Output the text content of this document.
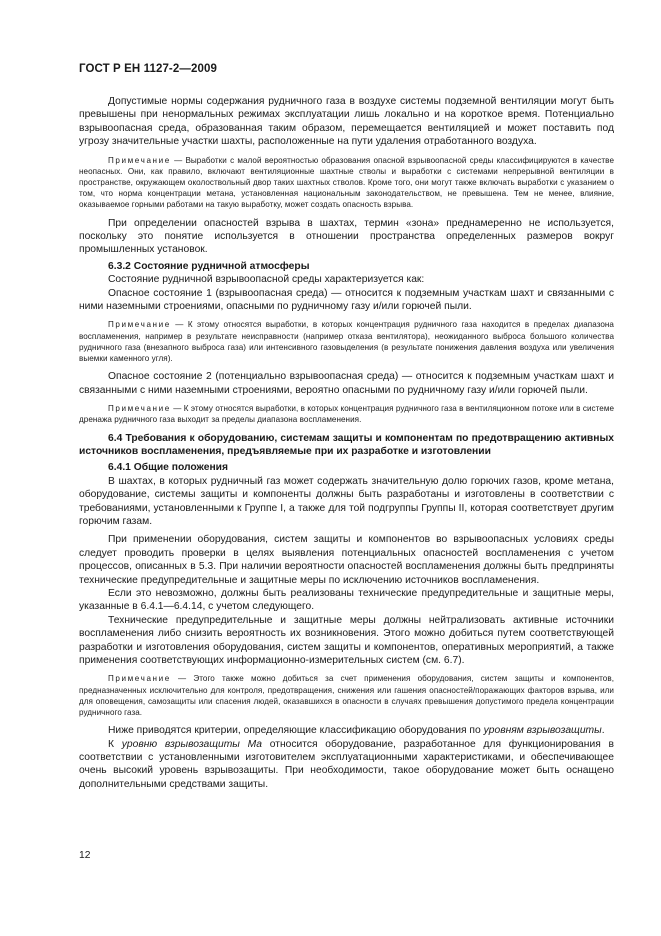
ГОСТ Р ЕН 1127-2—2009

Допустимые нормы содержания рудничного газа в воздухе системы подземной вентиляции могут быть превышены при ненормальных режимах эксплуатации лишь локально и на короткое время. Потенциально взрывоопасная среда, образованная таким образом, перемещается вентиляцией и может поставить под угрозу значительные участки шахты, расположенные на пути удаления отработанного воздуха.

Примечание — Выработки с малой вероятностью образования опасной взрывоопасной среды классифицируются в качестве неопасных. Они, как правило, включают вентиляционные шахтные стволы и выработки с системами непрерывной вентиляции в пространстве, окружающем околоствольный двор таких шахтных стволов. Кроме того, они могут также включать выработки с указанием о том, что норма концентрации метана, установленная национальным законодательством, не превышена. Тем не менее, влияние, оказываемое горными работами на такую выработку, может создать опасность взрыва.

При определении опасностей взрыва в шахтах, термин «зона» преднамеренно не используется, поскольку это понятие используется в отношении пространства определенных размеров вокруг промышленных установок.

6.3.2 Состояние рудничной атмосферы

Состояние рудничной взрывоопасной среды характеризуется как:

Опасное состояние 1 (взрывоопасная среда) — относится к подземным участкам шахт и связанными с ними наземными строениями, опасными по рудничному газу и/или горючей пыли.

Примечание — К этому относятся выработки, в которых концентрация рудничного газа находится в пределах диапазона воспламенения, например в результате неисправности (например отказа вентилятора), неожиданного выброса большого количества рудничного газа (внезапного выброса газа) или интенсивного газовыделения (в результате понижения давления воздуха или увеличения выемки каменного угля).

Опасное состояние 2 (потенциально взрывоопасная среда) — относится к подземным участкам шахт и связанными с ними наземными строениями, вероятно опасными по рудничному газу и/или горючей пыли.

Примечание — К этому относятся выработки, в которых концентрация рудничного газа в вентиляционном потоке или в системе дренажа рудничного газа выходит за пределы диапазона воспламенения.

6.4 Требования к оборудованию, системам защиты и компонентам по предотвращению активных источников воспламенения, предъявляемые при их разработке и изготовлении

6.4.1 Общие положения

В шахтах, в которых рудничный газ может содержать значительную долю горючих газов, кроме метана, оборудование, системы защиты и компоненты должны быть разработаны и изготовлены в соответствии с требованиями, установленными к Группе I, а также для той подгруппы Группы II, которая соответствует другим горючим газам.

При применении оборудования, систем защиты и компонентов во взрывоопасных условиях среды следует проводить проверки в целях выявления потенциальных опасностей воспламенения с учетом процессов, описанных в 5.3. При наличии вероятности опасностей воспламенения должны быть предприняты технические предупредительные и защитные меры по исключению источников воспламенения.

Если это невозможно, должны быть реализованы технические предупредительные и защитные меры, указанные в 6.4.1—6.4.14, с учетом следующего.

Технические предупредительные и защитные меры должны нейтрализовать активные источники воспламенения либо снизить вероятность их возникновения. Этого можно добиться путем соответствующей разработки и изготовления оборудования, систем защиты и компонентов, оперативных мероприятий, а также применения соответствующих информационно-измерительных систем (см. 6.7).

Примечание — Этого также можно добиться за счет применения оборудования, систем защиты и компонентов, предназначенных исключительно для контроля, предотвращения, снижения или гашения опасностей/поражающих факторов взрыва, или для оповещения, самозащиты или спасения людей, оказавшихся в опасности в случаях превышения допустимого предела концентрации рудничного газа.

Ниже приводятся критерии, определяющие классификацию оборудования по уровням взрывозащиты.

К уровню взрывозащиты Ма относится оборудование, разработанное для функционирования в соответствии с установленными изготовителем эксплуатационными характеристиками, и обеспечивающее очень высокий уровень взрывозащиты. При необходимости, такое оборудование может быть оснащено дополнительными средствами защиты.

12
